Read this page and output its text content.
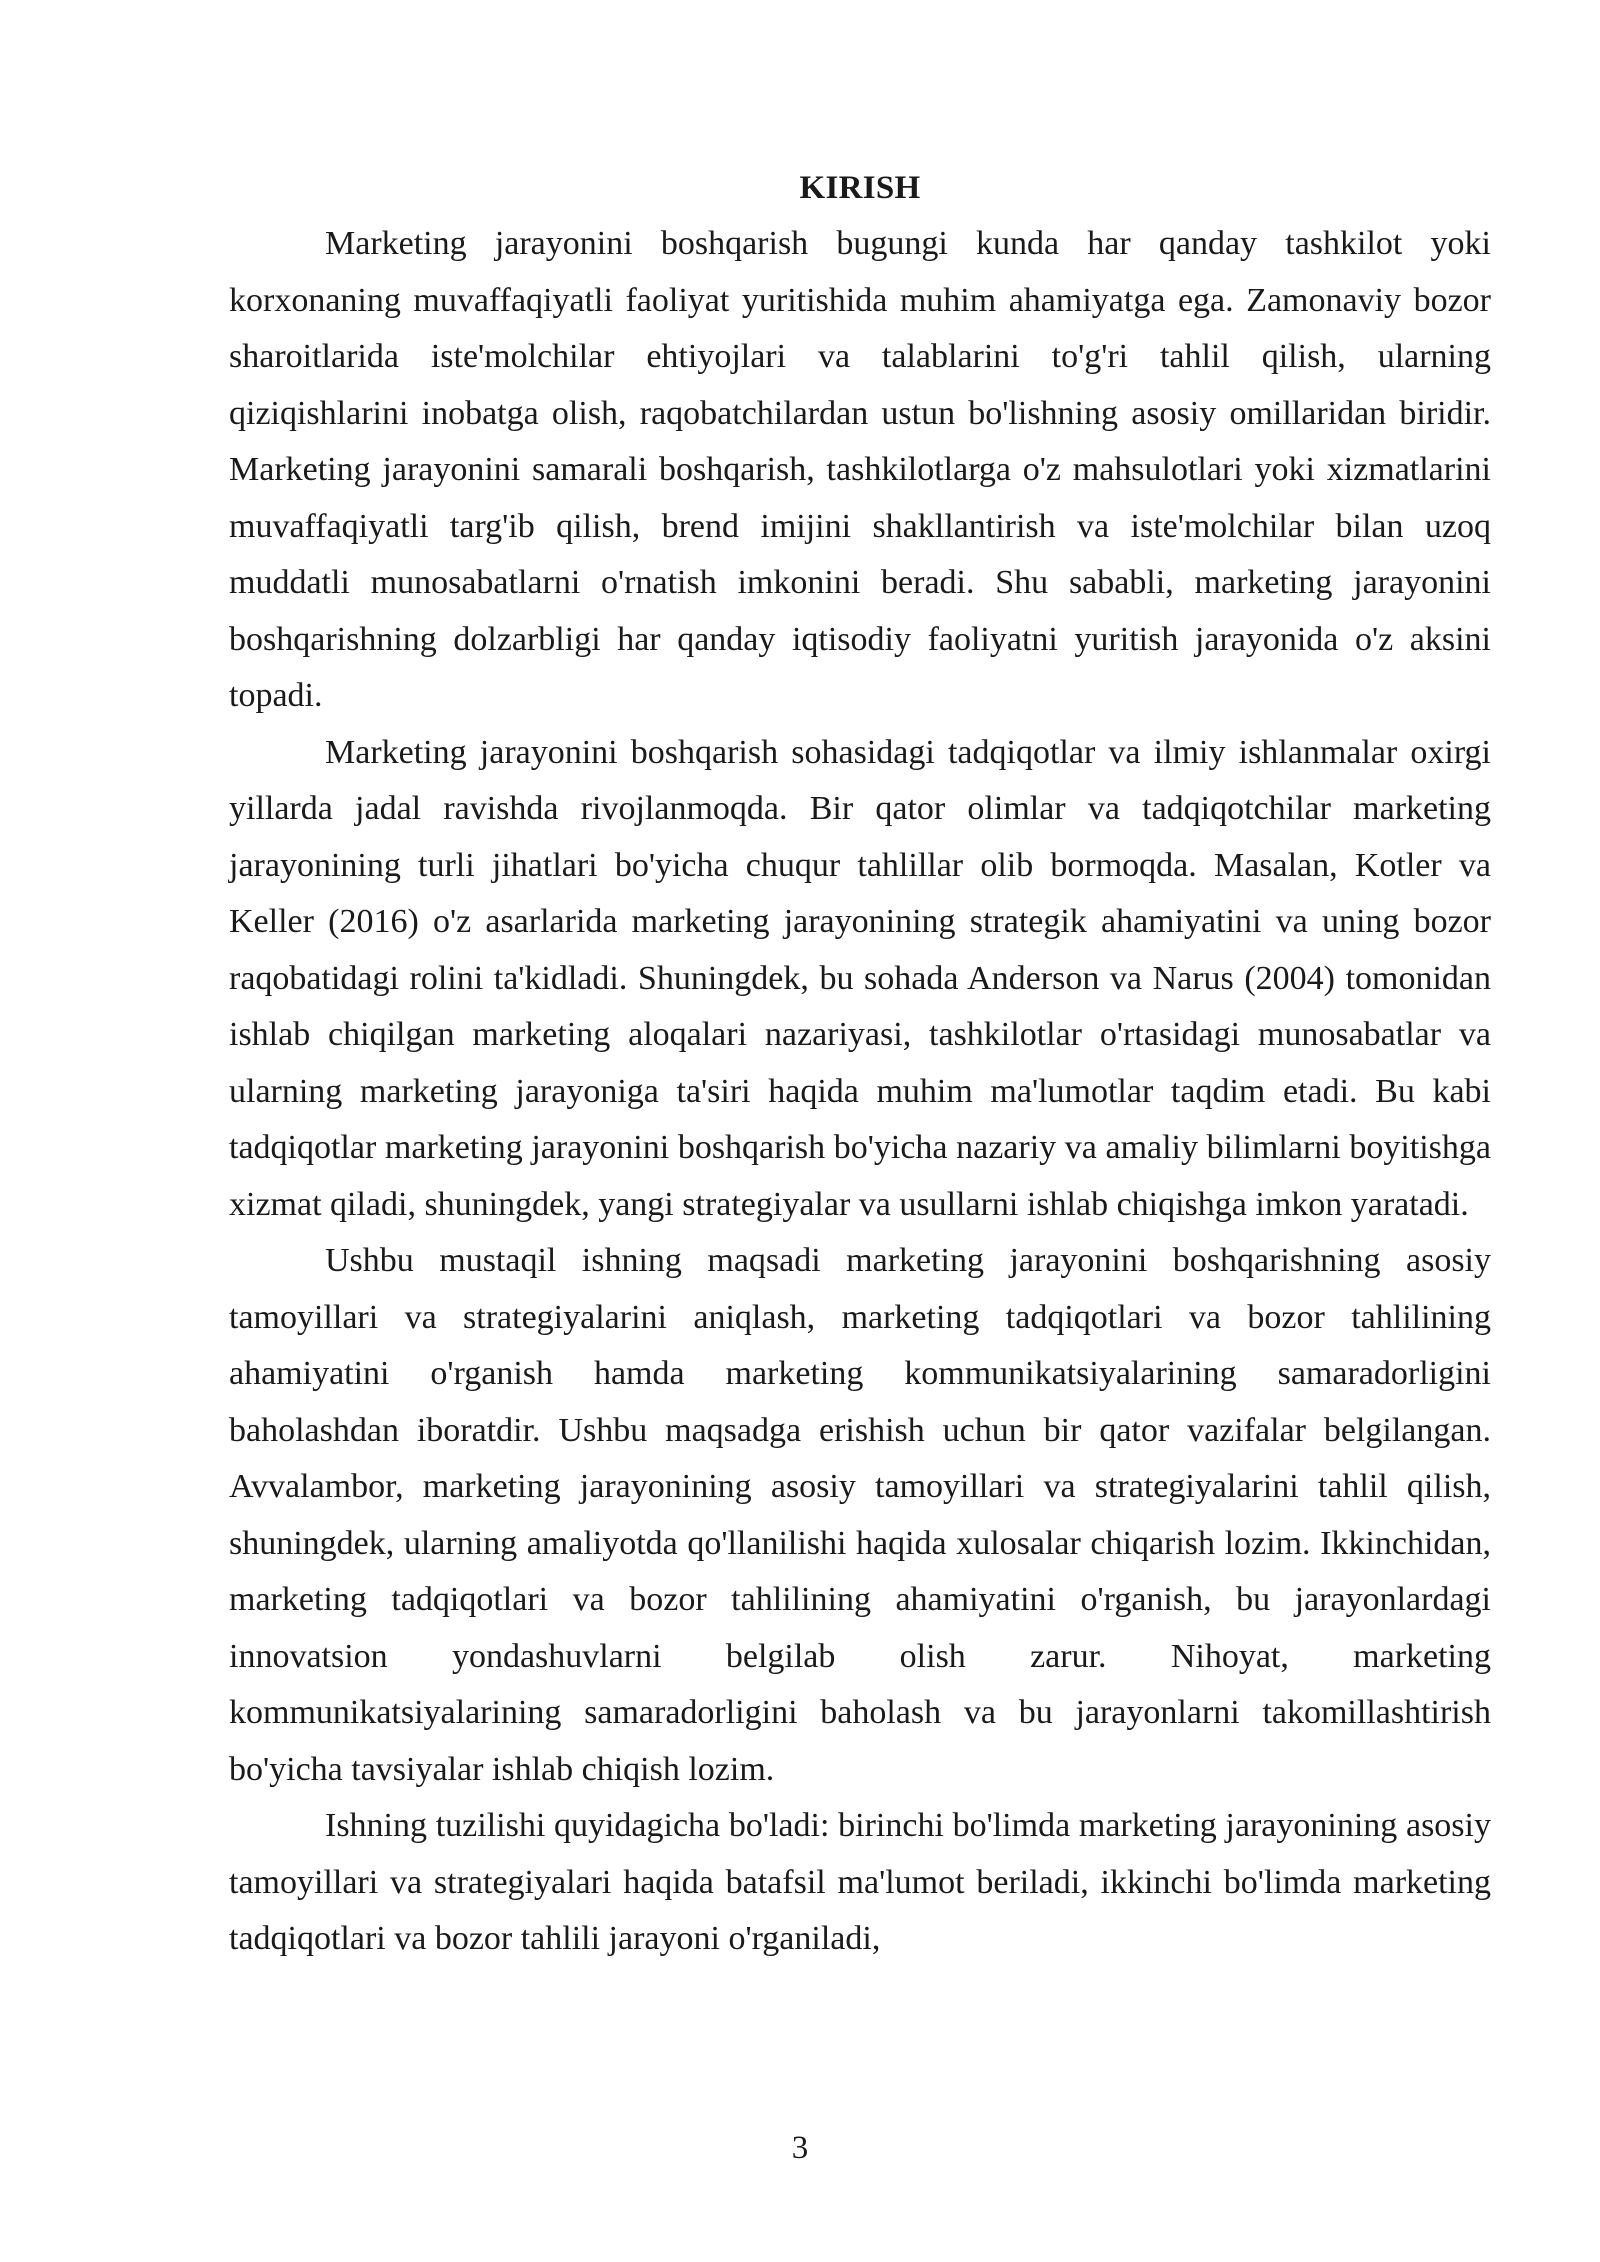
KIRISH

Marketing jarayonini boshqarish bugungi kunda har qanday tashkilot yoki korxonaning muvaffaqiyatli faoliyat yuritishida muhim ahamiyatga ega. Zamonaviy bozor sharoitlarida iste'molchilar ehtiyojlari va talablarini to'g'ri tahlil qilish, ularning qiziqishlarini inobatga olish, raqobatchilardan ustun bo'lishning asosiy omillaridan biridir. Marketing jarayonini samarali boshqarish, tashkilotlarga o'z mahsulotlari yoki xizmatlarini muvaffaqiyatli targ'ib qilish, brend imijini shakllantirish va iste'molchilar bilan uzoq muddatli munosabatlarni o'rnatish imkonini beradi. Shu sababli, marketing jarayonini boshqarishning dolzarbligi har qanday iqtisodiy faoliyatni yuritish jarayonida o'z aksini topadi.

Marketing jarayonini boshqarish sohasidagi tadqiqotlar va ilmiy ishlanmalar oxirgi yillarda jadal ravishda rivojlanmoqda. Bir qator olimlar va tadqiqotchilar marketing jarayonining turli jihatlari bo'yicha chuqur tahlillar olib bormoqda. Masalan, Kotler va Keller (2016) o'z asarlarida marketing jarayonining strategik ahamiyatini va uning bozor raqobatidagi rolini ta'kidladi. Shuningdek, bu sohada Anderson va Narus (2004) tomonidan ishlab chiqilgan marketing aloqalari nazariyasi, tashkilotlar o'rtasidagi munosabatlar va ularning marketing jarayoniga ta'siri haqida muhim ma'lumotlar taqdim etadi. Bu kabi tadqiqotlar marketing jarayonini boshqarish bo'yicha nazariy va amaliy bilimlarni boyitishga xizmat qiladi, shuningdek, yangi strategiyalar va usullarni ishlab chiqishga imkon yaratadi.

Ushbu mustaqil ishning maqsadi marketing jarayonini boshqarishning asosiy tamoyillari va strategiyalarini aniqlash, marketing tadqiqotlari va bozor tahlilining ahamiyatini o'rganish hamda marketing kommunikatsiyalarining samaradorligini baholashdan iboratdir. Ushbu maqsadga erishish uchun bir qator vazifalar belgilangan. Avvalambor, marketing jarayonining asosiy tamoyillari va strategiyalarini tahlil qilish, shuningdek, ularning amaliyotda qo'llanilishi haqida xulosalar chiqarish lozim. Ikkinchidan, marketing tadqiqotlari va bozor tahlilining ahamiyatini o'rganish, bu jarayonlardagi innovatsion yondashuvlarni belgilab olish zarur. Nihoyat, marketing kommunikatsiyalarining samaradorligini baholash va bu jarayonlarni takomillashtirish bo'yicha tavsiyalar ishlab chiqish lozim.

Ishning tuzilishi quyidagicha bo'ladi: birinchi bo'limda marketing jarayonining asosiy tamoyillari va strategiyalari haqida batafsil ma'lumot beriladi, ikkinchi bo'limda marketing tadqiqotlari va bozor tahlili jarayoni o'rganiladi,

3
